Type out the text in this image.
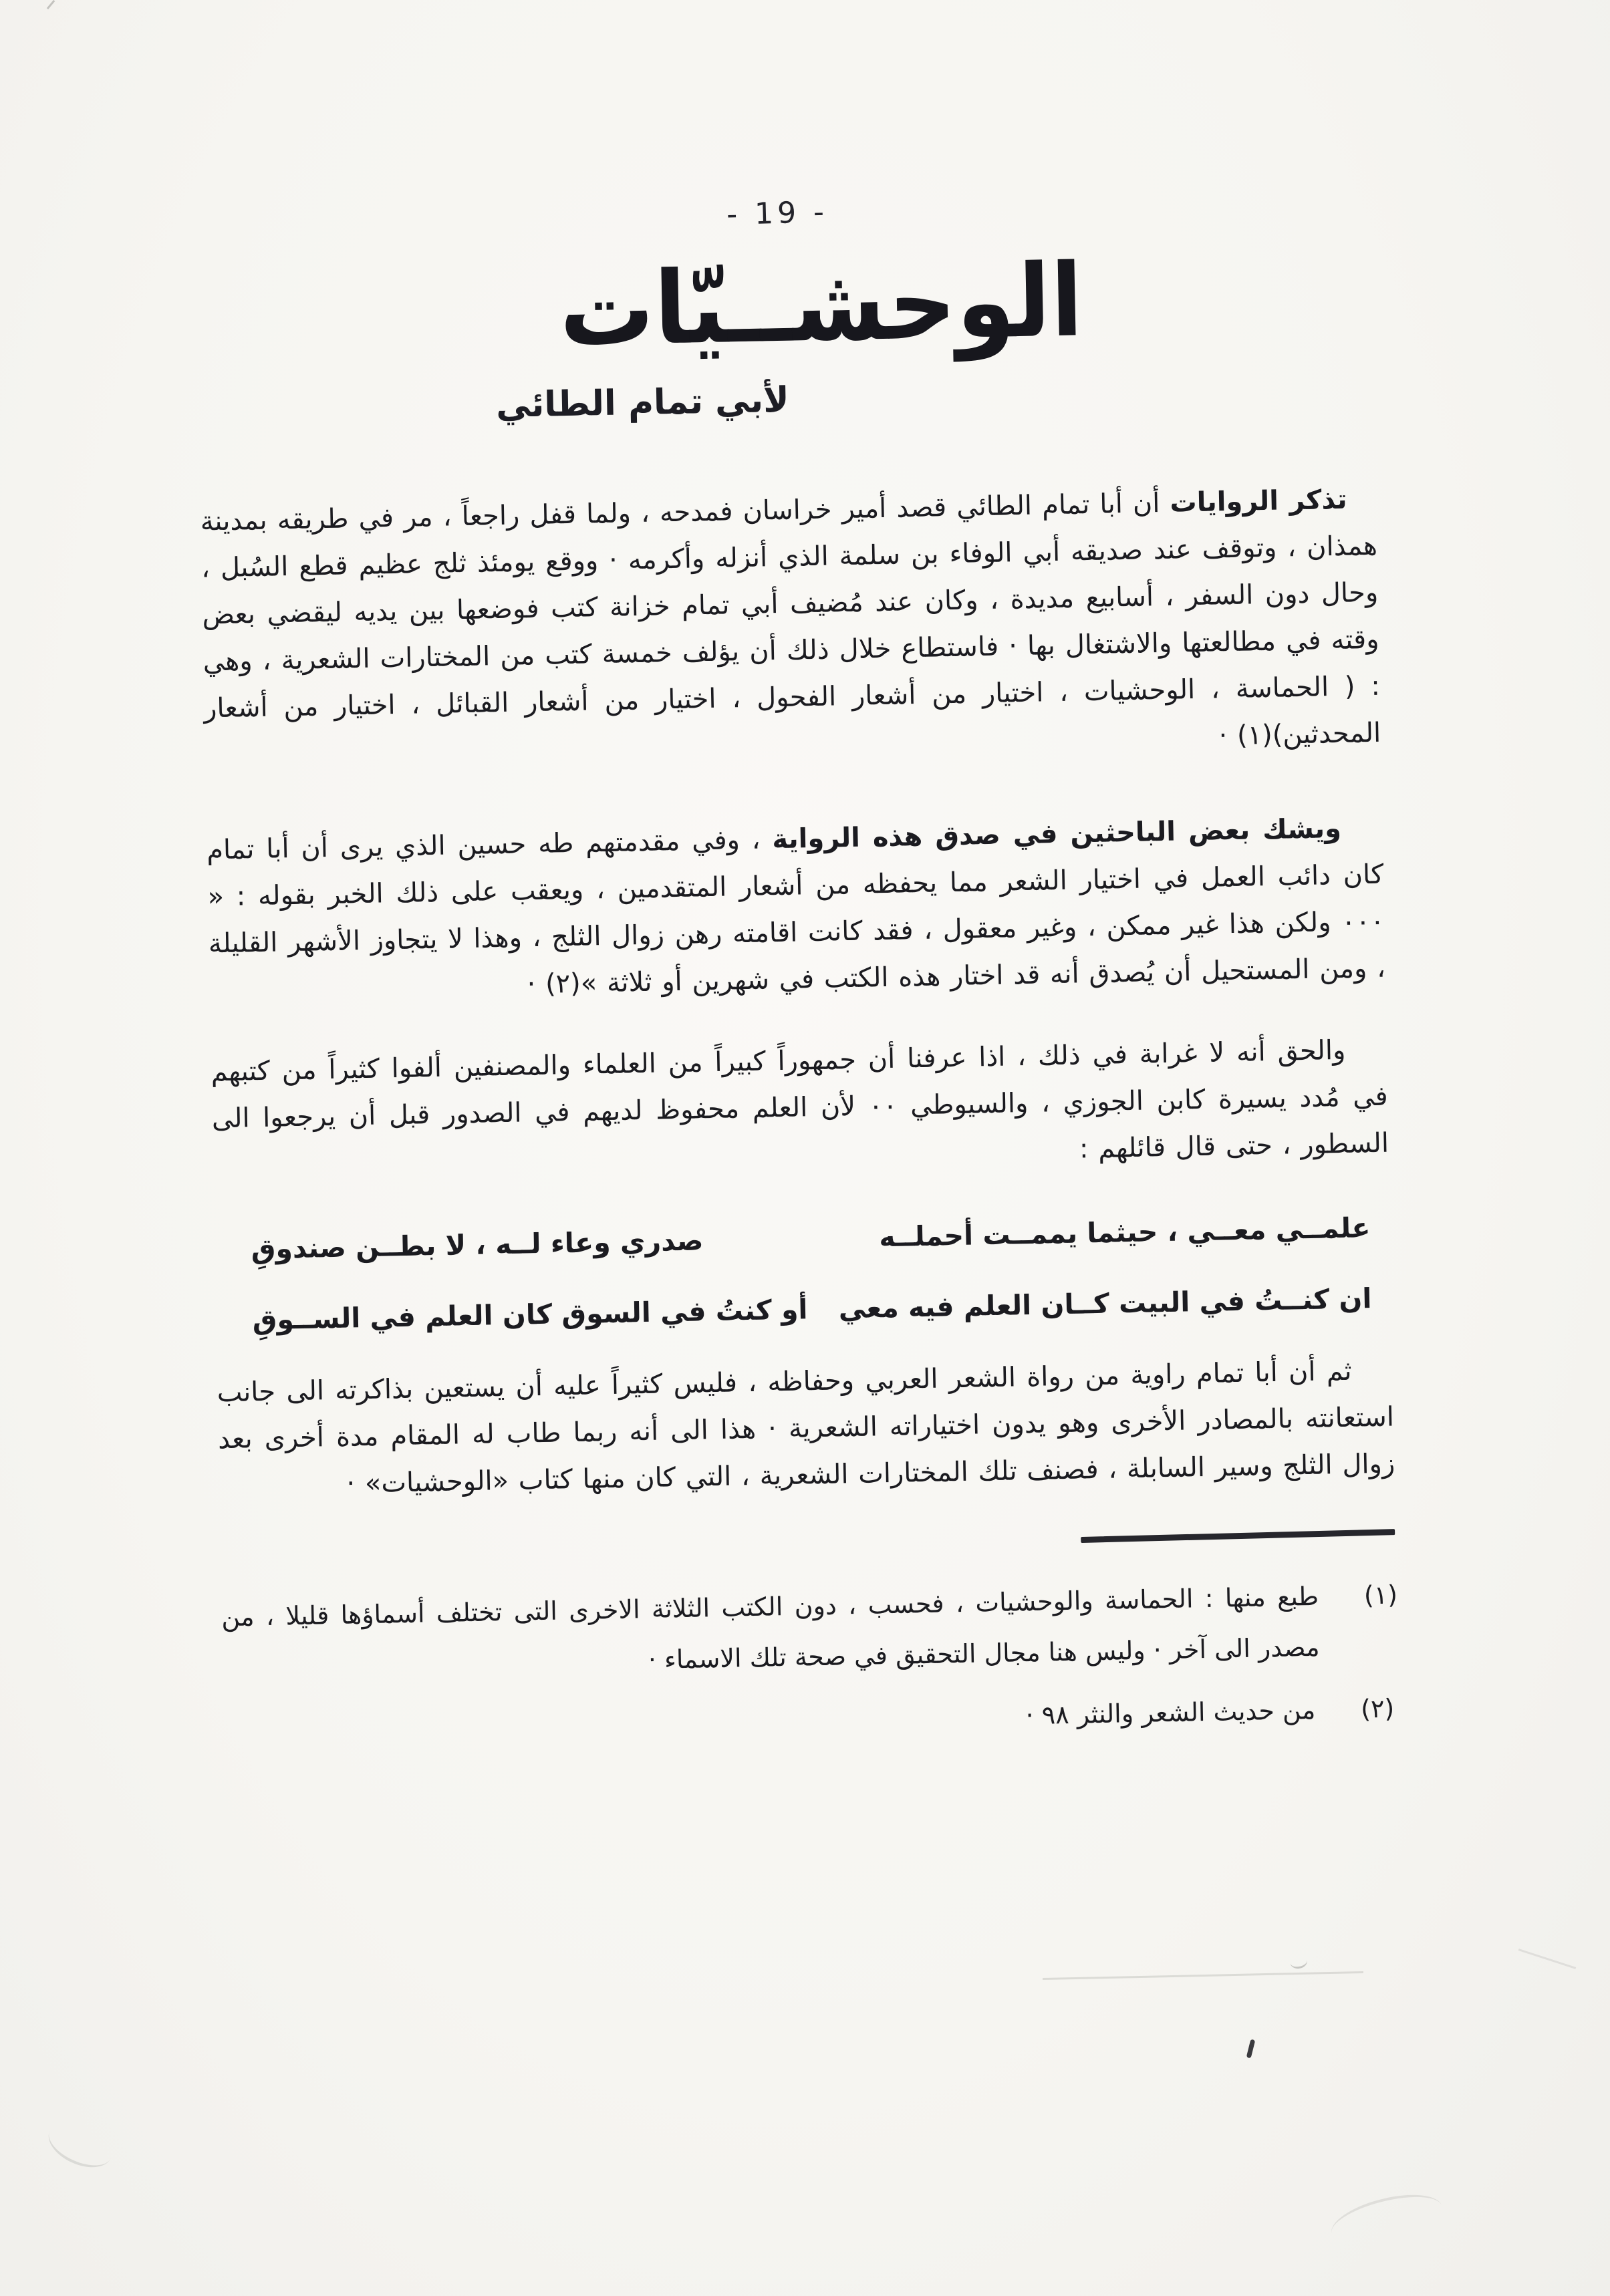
- 19 -
الوحشــيّات
لأبي تمام الطائي

تذكر الروايات أن أبا تمام الطائي قصد أمير خراسان فمدحه ، ولما قفل راجعاً ، مر في طريقه بمدينة همذان ، وتوقف عند صديقه أبي الوفاء بن سلمة الذي أنزله وأكرمه · ووقع يومئذ ثلج عظيم قطع السُبل ، وحال دون السفر ، أسابيع مديدة ، وكان عند مُضيف أبي تمام خزانة كتب فوضعها بين يديه ليقضي بعض وقته في مطالعتها والاشتغال بها · فاستطاع خلال ذلك أن يؤلف خمسة كتب من المختارات الشعرية ، وهي : ( الحماسة ، الوحشيات ، اختيار من أشعار الفحول ، اختيار من أشعار القبائل ، اختيار من أشعار المحدثين)(١) ·

ويشك بعض الباحثين في صدق هذه الرواية ، وفي مقدمتهم طه حسين الذي يرى أن أبا تمام كان دائب العمل في اختيار الشعر مما يحفظه من أشعار المتقدمين ، ويعقب على ذلك الخبر بقوله : « ٠٠٠ ولكن هذا غير ممكن ، وغير معقول ، فقد كانت اقامته رهن زوال الثلج ، وهذا لا يتجاوز الأشهر القليلة ، ومن المستحيل أن يُصدق أنه قد اختار هذه الكتب في شهرين أو ثلاثة »(٢) ·

والحق أنه لا غرابة في ذلك ، اذا عرفنا أن جمهوراً كبيراً من العلماء والمصنفين ألفوا كثيراً من كتبهم في مُدد يسيرة كابن الجوزي ، والسيوطي ٠٠ لأن العلم محفوظ لديهم في الصدور قبل أن يرجعوا الى السطور ، حتى قال قائلهم :

علمــي معــي ، حيثما يممــت أحملــه
صدري وعاء لــه ، لا بطــن صندوقِ
ان كنــتُ في البيت كــان العلم فيه معي
أو كنتُ في السوق كان العلم في الســوقِ

ثم أن أبا تمام راوية من رواة الشعر العربي وحفاظه ، فليس كثيراً عليه أن يستعين بذاكرته الى جانب استعانته بالمصادر الأخرى وهو يدون اختياراته الشعرية · هذا الى أنه ربما طاب له المقام مدة أخرى بعد زوال الثلج وسير السابلة ، فصنف تلك المختارات الشعرية ، التي كان منها كتاب «الوحشيات» ·

(١)
طبع منها : الحماسة والوحشيات ، فحسب ، دون الكتب الثلاثة الاخرى التى تختلف أسماؤها قليلا ، من مصدر الى آخر · وليس هنا مجال التحقيق في صحة تلك الاسماء ·
(٢)
من حديث الشعر والنثر ٩٨ ·
